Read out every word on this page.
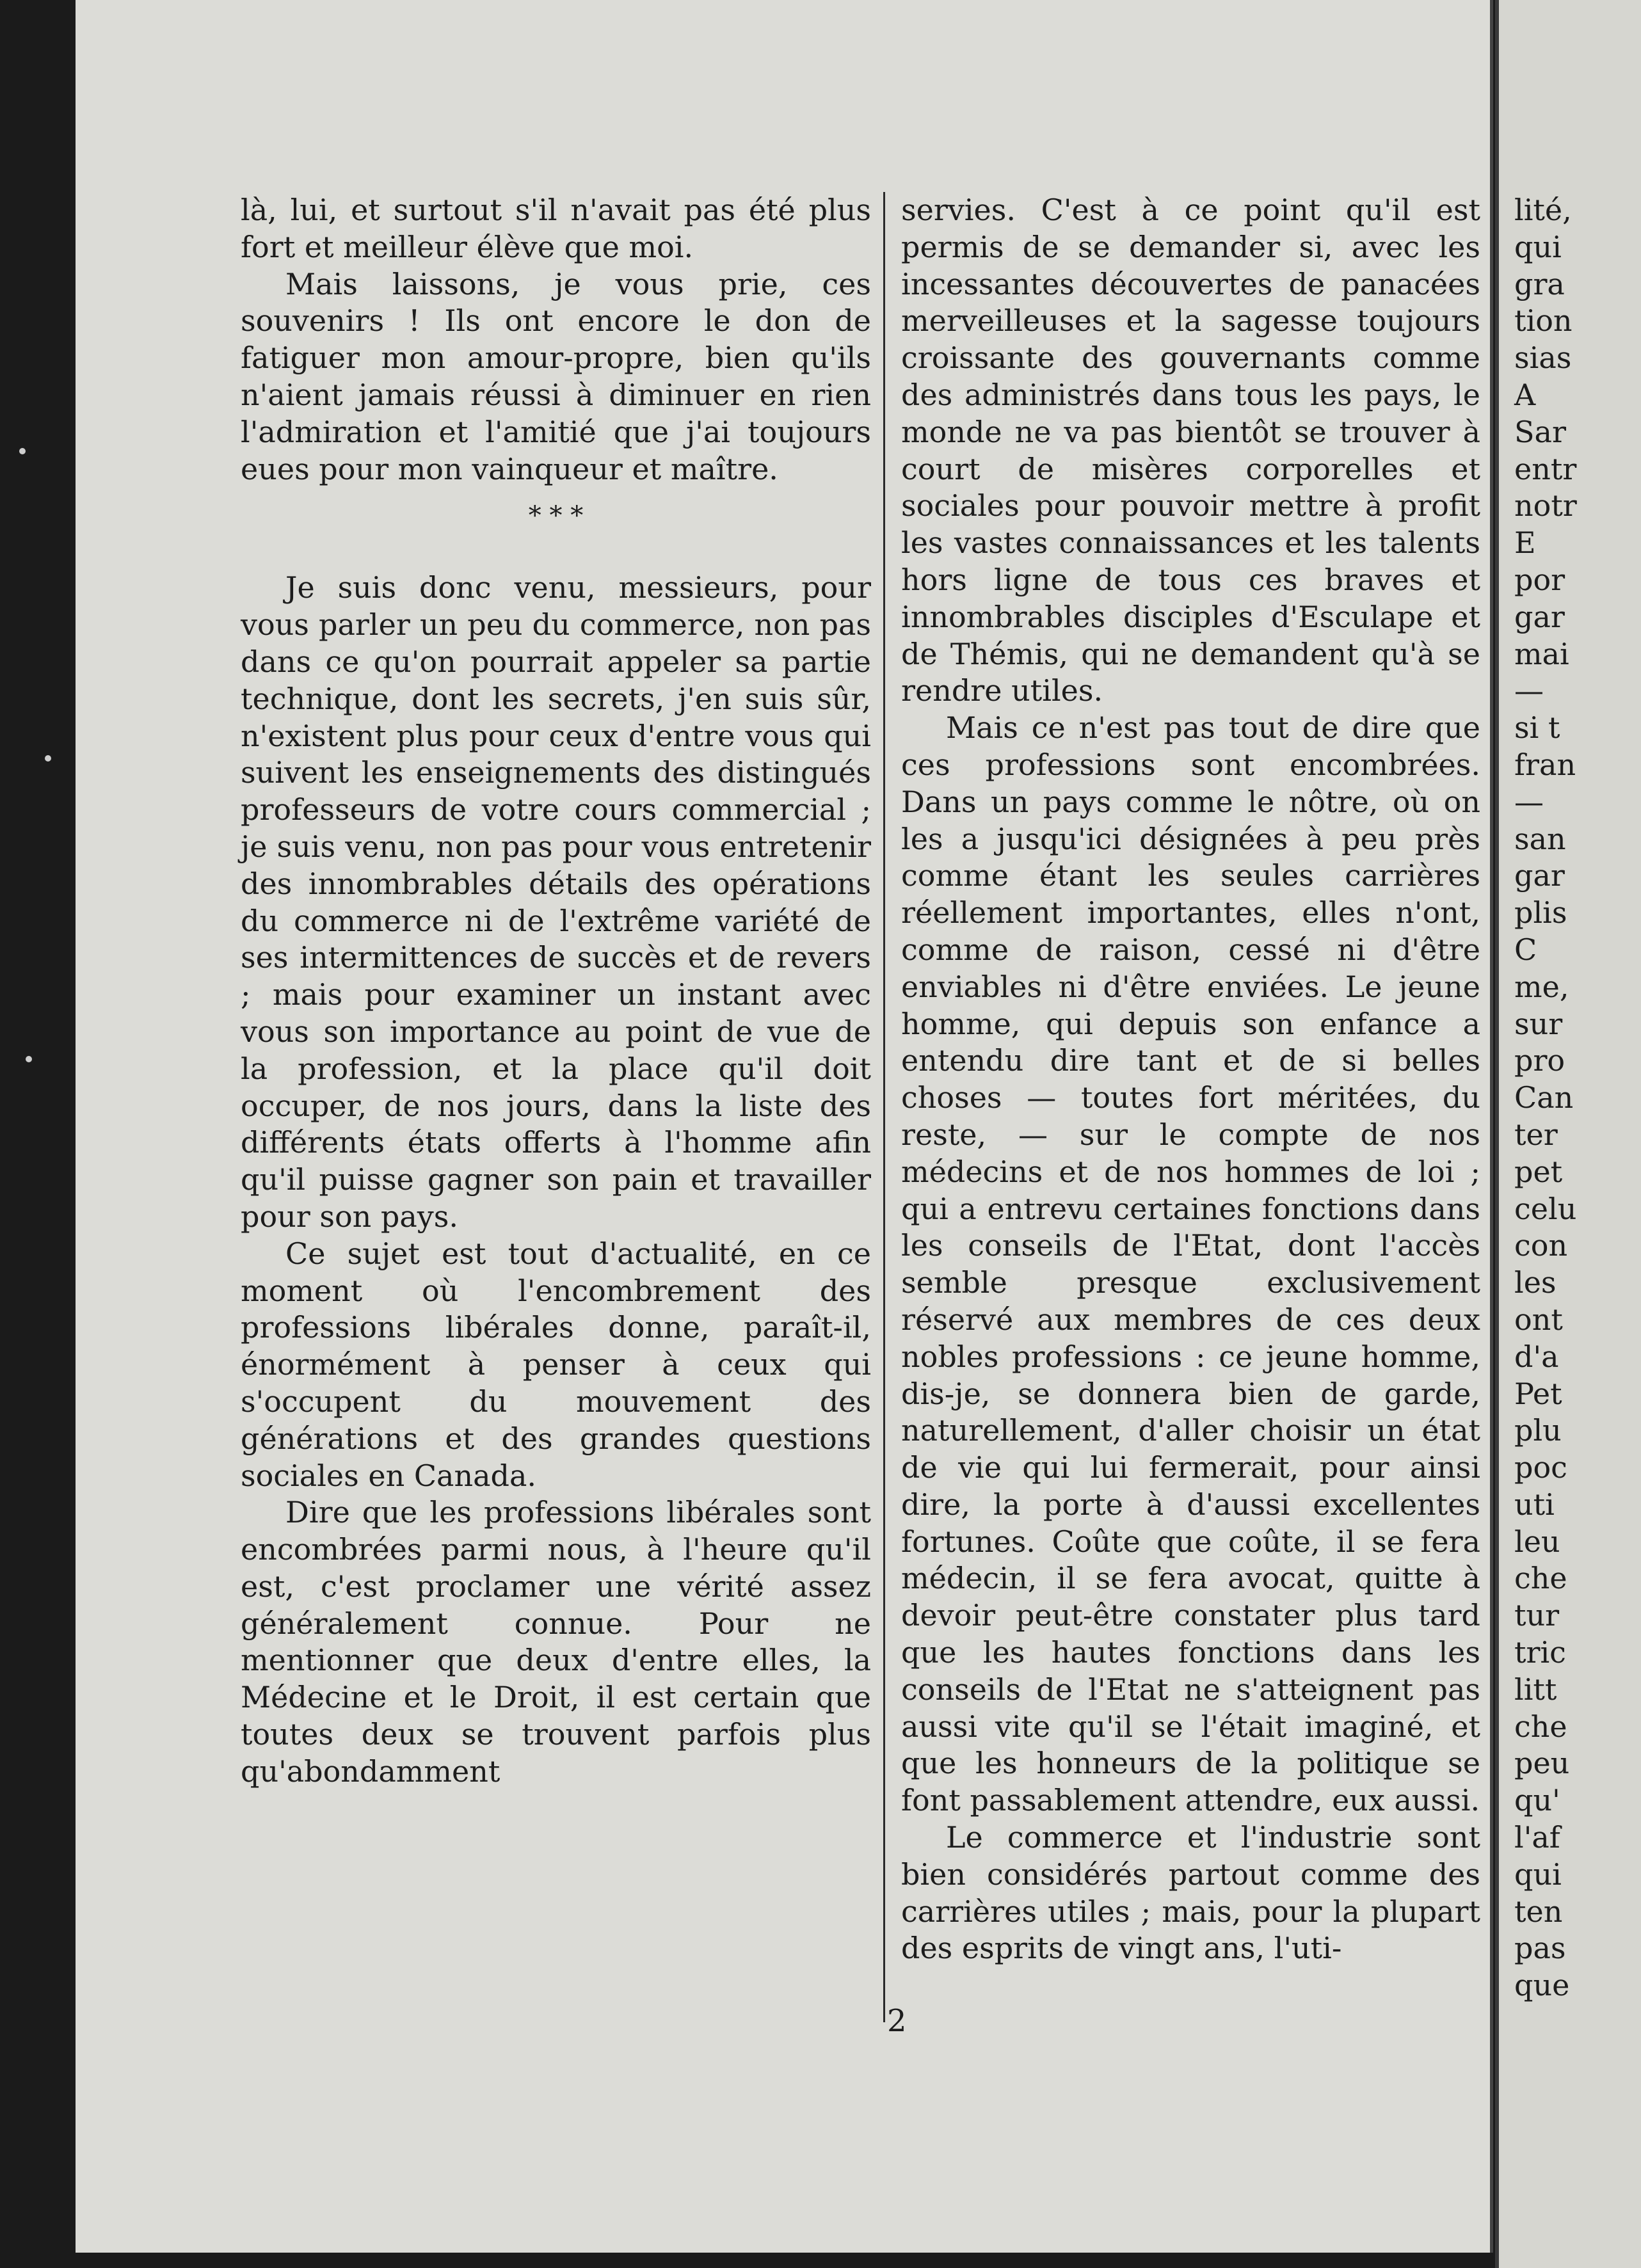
là, lui, et surtout s'il n'avait pas été plus fort et meilleur élève que moi.

Mais laissons, je vous prie, ces souvenirs ! Ils ont encore le don de fatiguer mon amour-propre, bien qu'ils n'aient jamais réussi à diminuer en rien l'admiration et l'amitié que j'ai toujours eues pour mon vainqueur et maître.

* * *

Je suis donc venu, messieurs, pour vous parler un peu du commerce, non pas dans ce qu'on pourrait appeler sa partie technique, dont les secrets, j'en suis sûr, n'existent plus pour ceux d'entre vous qui suivent les enseignements des distingués professeurs de votre cours commercial ; je suis venu, non pas pour vous entretenir des innombrables détails des opérations du commerce ni de l'extrême variété de ses intermittences de succès et de revers ; mais pour examiner un instant avec vous son importance au point de vue de la profession, et la place qu'il doit occuper, de nos jours, dans la liste des différents états offerts à l'homme afin qu'il puisse gagner son pain et travailler pour son pays.

Ce sujet est tout d'actualité, en ce moment où l'encombrement des professions libérales donne, paraît-il, énormément à penser à ceux qui s'occupent du mouvement des générations et des grandes questions sociales en Canada.

Dire que les professions libérales sont encombrées parmi nous, à l'heure qu'il est, c'est proclamer une vérité assez généralement connue. Pour ne mentionner que deux d'entre elles, la Médecine et le Droit, il est certain que toutes deux se trouvent parfois plus qu'abondamment

servies. C'est à ce point qu'il est permis de se demander si, avec les incessantes découvertes de panacées merveilleuses et la sagesse toujours croissante des gouvernants comme des administrés dans tous les pays, le monde ne va pas bientôt se trouver à court de misères corporelles et sociales pour pouvoir mettre à profit les vastes connaissances et les talents hors ligne de tous ces braves et innombrables disciples d'Esculape et de Thémis, qui ne demandent qu'à se rendre utiles.

Mais ce n'est pas tout de dire que ces professions sont encombrées. Dans un pays comme le nôtre, où on les a jusqu'ici désignées à peu près comme étant les seules carrières réellement importantes, elles n'ont, comme de raison, cessé ni d'être enviables ni d'être enviées. Le jeune homme, qui depuis son enfance a entendu dire tant et de si belles choses — toutes fort méritées, du reste, — sur le compte de nos médecins et de nos hommes de loi ; qui a entrevu certaines fonctions dans les conseils de l'Etat, dont l'accès semble presque exclusivement réservé aux membres de ces deux nobles professions : ce jeune homme, dis-je, se donnera bien de garde, naturellement, d'aller choisir un état de vie qui lui fermerait, pour ainsi dire, la porte à d'aussi excellentes fortunes. Coûte que coûte, il se fera médecin, il se fera avocat, quitte à devoir peut-être constater plus tard que les hautes fonctions dans les conseils de l'Etat ne s'atteignent pas aussi vite qu'il se l'était imaginé, et que les honneurs de la politique se font passablement attendre, eux aussi.

Le commerce et l'industrie sont bien considérés partout comme des carrières utiles ; mais, pour la plupart des esprits de vingt ans, l'uti-

2
lité,
qui
gra
tion
sias
A
Sar
entr
notr
E
por
gar
mai
—
si t
fran
—
san
gar
plis
C
me,
sur
pro
Can
ter
pet
celu
con
les
ont
d'a
Pet
plu
poc
uti
leu
che
tur
tric
litt
che
peu
qu'
l'af
qui
ten
pas
que
